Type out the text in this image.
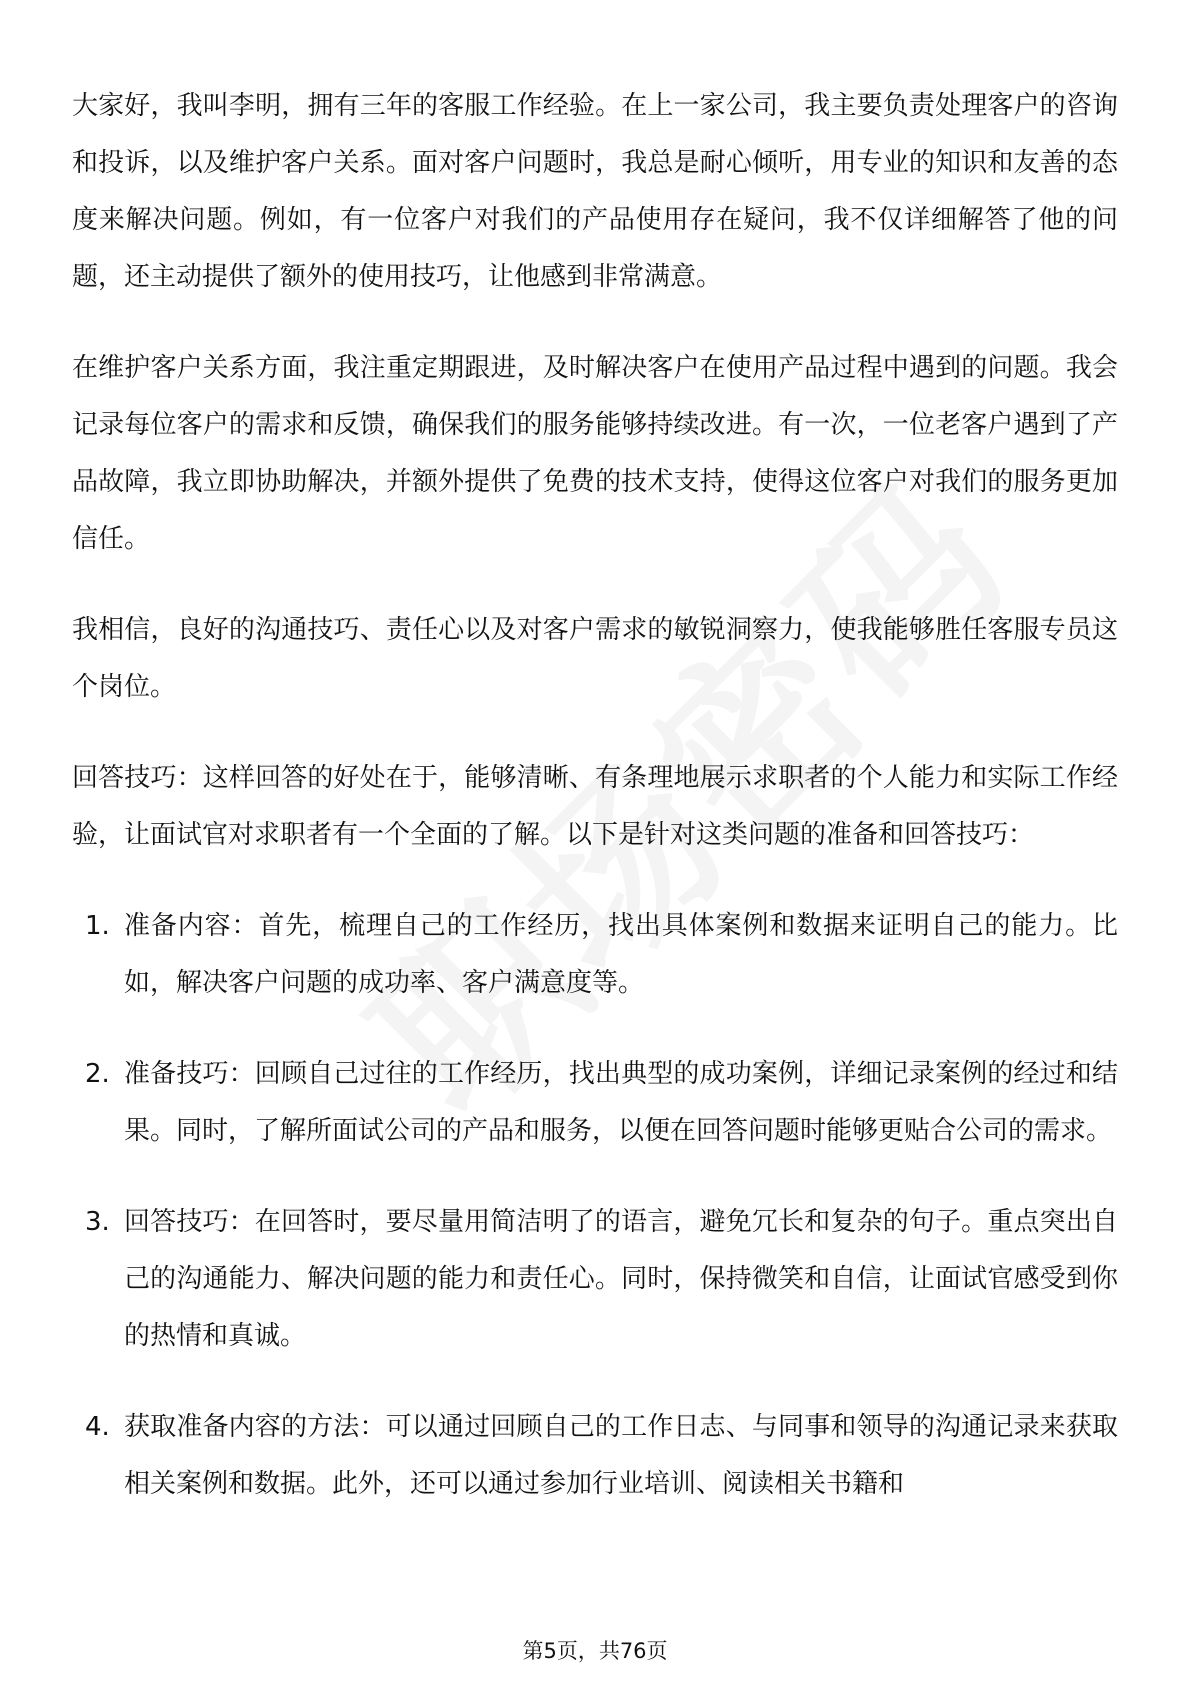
大家好，我叫李明，拥有三年的客服工作经验。在上一家公司，我主要负责处理客户的咨询和投诉，以及维护客户关系。面对客户问题时，我总是耐心倾听，用专业的知识和友善的态度来解决问题。例如，有一位客户对我们的产品使用存在疑问，我不仅详细解答了他的问题，还主动提供了额外的使用技巧，让他感到非常满意。

在维护客户关系方面，我注重定期跟进，及时解决客户在使用产品过程中遇到的问题。我会记录每位客户的需求和反馈，确保我们的服务能够持续改进。有一次，一位老客户遇到了产品故障，我立即协助解决，并额外提供了免费的技术支持，使得这位客户对我们的服务更加信任。

我相信，良好的沟通技巧、责任心以及对客户需求的敏锐洞察力，使我能够胜任客服专员这个岗位。

回答技巧：这样回答的好处在于，能够清晰、有条理地展示求职者的个人能力和实际工作经验，让面试官对求职者有一个全面的了解。以下是针对这类问题的准备和回答技巧：

1. 准备内容：首先，梳理自己的工作经历，找出具体案例和数据来证明自己的能力。比如，解决客户问题的成功率、客户满意度等。
2. 准备技巧：回顾自己过往的工作经历，找出典型的成功案例，详细记录案例的经过和结果。同时，了解所面试公司的产品和服务，以便在回答问题时能够更贴合公司的需求。
3. 回答技巧：在回答时，要尽量用简洁明了的语言，避免冗长和复杂的句子。重点突出自己的沟通能力、解决问题的能力和责任心。同时，保持微笑和自信，让面试官感受到你的热情和真诚。
4. 获取准备内容的方法：可以通过回顾自己的工作日志、与同事和领导的沟通记录来获取相关案例和数据。此外，还可以通过参加行业培训、阅读相关书籍和
第5页，共76页
